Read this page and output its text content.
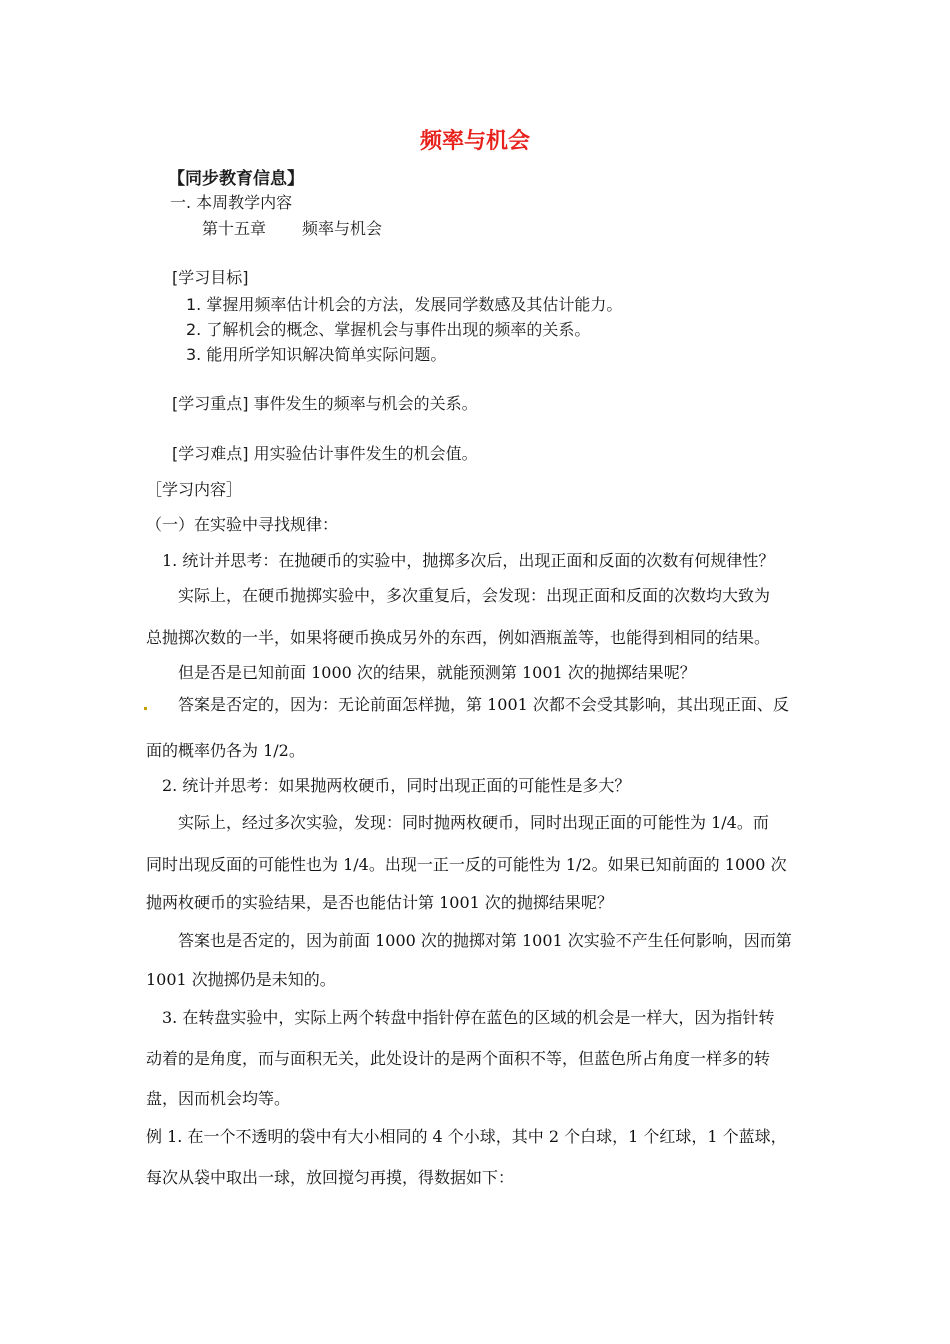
频率与机会
【同步教育信息】
一. 本周教学内容
第十五章 频率与机会
[学习目标]
1. 掌握用频率估计机会的方法，发展同学数感及其估计能力。
2. 了解机会的概念、掌握机会与事件出现的频率的关系。
3. 能用所学知识解决简单实际问题。
[学习重点] 事件发生的频率与机会的关系。
[学习难点] 用实验估计事件发生的机会值。
［学习内容］
（一）在实验中寻找规律：
1. 统计并思考：在抛硬币的实验中，抛掷多次后，出现正面和反面的次数有何规律性？
实际上，在硬币抛掷实验中，多次重复后，会发现：出现正面和反面的次数均大致为
总抛掷次数的一半，如果将硬币换成另外的东西，例如酒瓶盖等，也能得到相同的结果。
但是否是已知前面 1000 次的结果，就能预测第 1001 次的抛掷结果呢？
答案是否定的，因为：无论前面怎样抛，第 1001 次都不会受其影响，其出现正面、反
面的概率仍各为 1/2。
2. 统计并思考：如果抛两枚硬币，同时出现正面的可能性是多大？
实际上，经过多次实验，发现：同时抛两枚硬币，同时出现正面的可能性为 1/4。而
同时出现反面的可能性也为 1/4。出现一正一反的可能性为 1/2。如果已知前面的 1000 次
抛两枚硬币的实验结果，是否也能估计第 1001 次的抛掷结果呢？
答案也是否定的，因为前面 1000 次的抛掷对第 1001 次实验不产生任何影响，因而第
1001 次抛掷仍是未知的。
3. 在转盘实验中，实际上两个转盘中指针停在蓝色的区域的机会是一样大，因为指针转
动着的是角度，而与面积无关，此处设计的是两个面积不等，但蓝色所占角度一样多的转
盘，因而机会均等。
例 1. 在一个不透明的袋中有大小相同的 4 个小球，其中 2 个白球，1 个红球，1 个蓝球，
每次从袋中取出一球，放回搅匀再摸，得数据如下：
